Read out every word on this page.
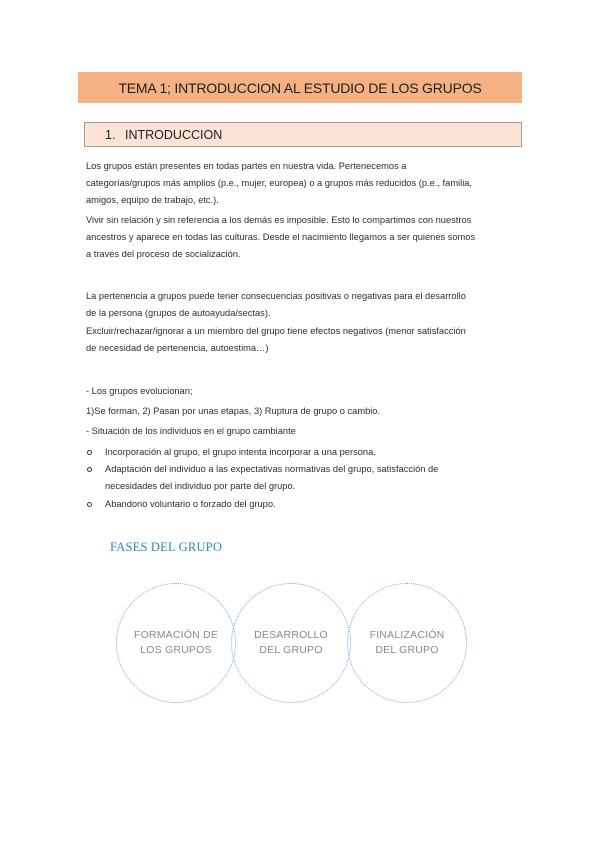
TEMA 1; INTRODUCCION AL ESTUDIO DE LOS GRUPOS
1. INTRODUCCION

Los grupos están presentes en todas partes en nuestra vida. Pertenecemos a

categorías/grupos más amplios (p.e., mujer, europea) o a grupos más reducidos (p.e., familia,

amigos, equipo de trabajo, etc.).

Vivir sin relación y sin referencia a los demás es imposible. Esto lo compartimos con nuestros

ancestros y aparece en todas las culturas. Desde el nacimiento llegamos a ser quienes somos

a través del proceso de socialización.

La pertenencia a grupos puede tener consecuencias positivas o negativas para el desarrollo

de la persona (grupos de autoayuda/sectas).

Excluir/rechazar/ignorar a un miembro del grupo tiene efectos negativos (menor satisfacción

de necesidad de pertenencia, autoestima…)

- Los grupos evolucionan;
1)Se forman, 2) Pasan por unas etapas, 3) Ruptura de grupo o cambio.
- Situación de los individuos en el grupo cambiante
Incorporación al grupo, el grupo intenta incorporar a una persona.
Adaptación del individuo a las expectativas normativas del grupo, satisfacción de
necesidades del individuo por parte del grupo.
Abandono voluntario o forzado del grupo.
FASES DEL GRUPO
FORMACIÓN DE
LOS GRUPOS
DESARROLLO
DEL GRUPO
FINALIZACIÓN
DEL GRUPO
